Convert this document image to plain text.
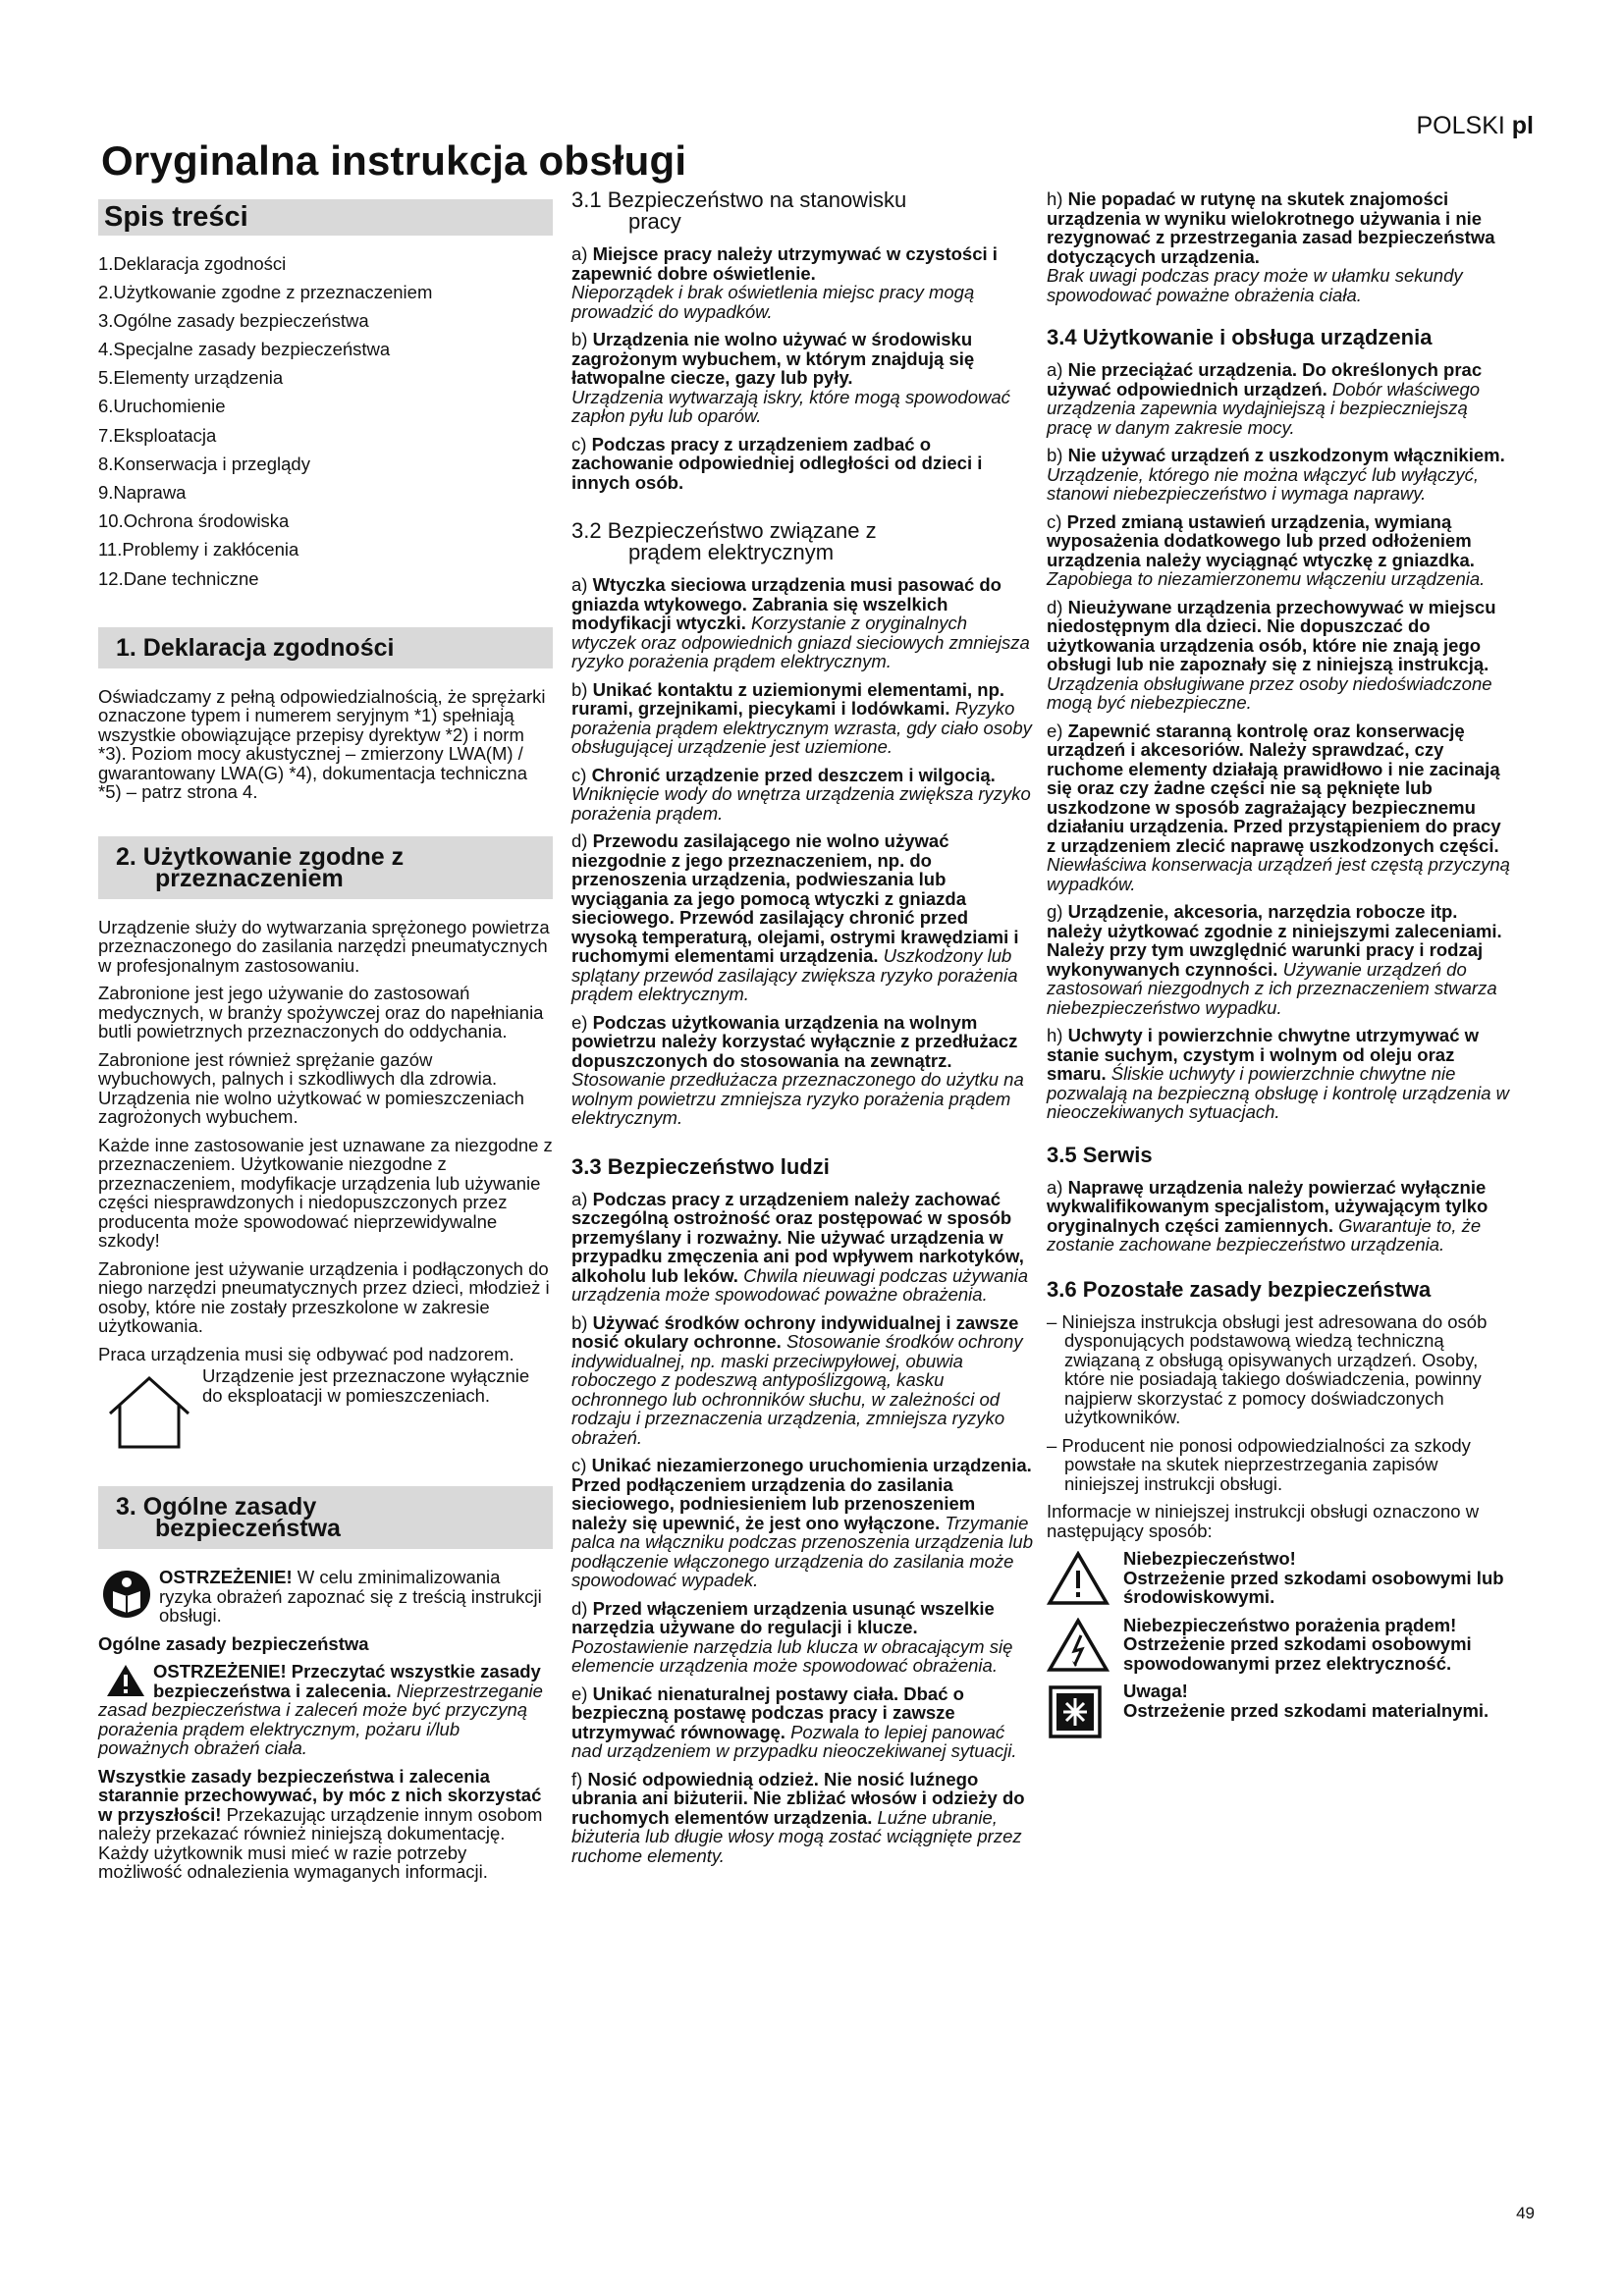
POLSKI pl
Oryginalna instrukcja obsługi
Spis treści
1.Deklaracja zgodności
2.Użytkowanie zgodne z przeznaczeniem
3.Ogólne zasady bezpieczeństwa
4.Specjalne zasady bezpieczeństwa
5.Elementy urządzenia
6.Uruchomienie
7.Eksploatacja
8.Konserwacja i przeglądy
9.Naprawa
10.Ochrona środowiska
11.Problemy i zakłócenia
12.Dane techniczne
1. Deklaracja zgodności

Oświadczamy z pełną odpowiedzialnością, że sprężarki oznaczone typem i numerem seryjnym *1) spełniają wszystkie obowiązujące przepisy dyrektyw *2) i norm *3). Poziom mocy akustycznej – zmierzony LWA(M) / gwarantowany LWA(G) *4), dokumentacja techniczna *5) – patrz strona 4.

2. Użytkowanie zgodne z
przeznaczeniem

Urządzenie służy do wytwarzania sprężonego powietrza przeznaczonego do zasilania narzędzi pneumatycznych w profesjonalnym zastosowaniu.

Zabronione jest jego używanie do zastosowań medycznych, w branży spożywczej oraz do napełniania butli powietrznych przeznaczonych do oddychania.

Zabronione jest również sprężanie gazów wybuchowych, palnych i szkodliwych dla zdrowia. Urządzenia nie wolno użytkować w pomieszczeniach zagrożonych wybuchem.

Każde inne zastosowanie jest uznawane za niezgodne z przeznaczeniem. Użytkowanie niezgodne z przeznaczeniem, modyfikacje urządzenia lub używanie części niesprawdzonych i niedopuszczonych przez producenta może spowodować nieprzewidywalne szkody!

Zabronione jest używanie urządzenia i podłączonych do niego narzędzi pneumatycznych przez dzieci, młodzież i osoby, które nie zostały przeszkolone w zakresie użytkowania.

Praca urządzenia musi się odbywać pod nadzorem.

Urządzenie jest przeznaczone wyłącznie do eksploatacji w pomieszczeniach.
3. Ogólne zasady
bezpieczeństwa

OSTRZEŻENIE! W celu zminimalizowania ryzyka obrażeń zapoznać się z treścią instrukcji obsługi.

Ogólne zasady bezpieczeństwa

OSTRZEŻENIE! Przeczytać wszystkie zasady bezpieczeństwa i zalecenia. Nieprzestrzeganie zasad bezpieczeństwa i zaleceń może być przyczyną porażenia prądem elektrycznym, pożaru i/lub poważnych obrażeń ciała.

Wszystkie zasady bezpieczeństwa i zalecenia starannie przechowywać, by móc z nich skorzystać w przyszłości! Przekazując urządzenie innym osobom należy przekazać również niniejszą dokumentację. Każdy użytkownik musi mieć w razie potrzeby możliwość odnalezienia wymaganych informacji.

3.1 Bezpieczeństwo na stanowisku
pracy

a) Miejsce pracy należy utrzymywać w czystości i zapewnić dobre oświetlenie.
Nieporządek i brak oświetlenia miejsc pracy mogą prowadzić do wypadków.

b) Urządzenia nie wolno używać w środowisku zagrożonym wybuchem, w którym znajdują się łatwopalne ciecze, gazy lub pyły.
Urządzenia wytwarzają iskry, które mogą spowodować zapłon pyłu lub oparów.

c) Podczas pracy z urządzeniem zadbać o zachowanie odpowiedniej odległości od dzieci i innych osób.

3.2 Bezpieczeństwo związane z
prądem elektrycznym

a) Wtyczka sieciowa urządzenia musi pasować do gniazda wtykowego. Zabrania się wszelkich modyfikacji wtyczki. Korzystanie z oryginalnych wtyczek oraz odpowiednich gniazd sieciowych zmniejsza ryzyko porażenia prądem elektrycznym.

b) Unikać kontaktu z uziemionymi elementami, np. rurami, grzejnikami, piecykami i lodówkami. Ryzyko porażenia prądem elektrycznym wzrasta, gdy ciało osoby obsługującej urządzenie jest uziemione.

c) Chronić urządzenie przed deszczem i wilgocią. Wniknięcie wody do wnętrza urządzenia zwiększa ryzyko porażenia prądem.

d) Przewodu zasilającego nie wolno używać niezgodnie z jego przeznaczeniem, np. do przenoszenia urządzenia, podwieszania lub wyciągania za jego pomocą wtyczki z gniazda sieciowego. Przewód zasilający chronić przed wysoką temperaturą, olejami, ostrymi krawędziami i ruchomymi elementami urządzenia. Uszkodzony lub splątany przewód zasilający zwiększa ryzyko porażenia prądem elektrycznym.

e) Podczas użytkowania urządzenia na wolnym powietrzu należy korzystać wyłącznie z przedłużacz dopuszczonych do stosowania na zewnątrz. Stosowanie przedłużacza przeznaczonego do użytku na wolnym powietrzu zmniejsza ryzyko porażenia prądem elektrycznym.

3.3 Bezpieczeństwo ludzi

a) Podczas pracy z urządzeniem należy zachować szczególną ostrożność oraz postępować w sposób przemyślany i rozważny. Nie używać urządzenia w przypadku zmęczenia ani pod wpływem narkotyków, alkoholu lub leków. Chwila nieuwagi podczas używania urządzenia może spowodować poważne obrażenia.

b) Używać środków ochrony indywidualnej i zawsze nosić okulary ochronne. Stosowanie środków ochrony indywidualnej, np. maski przeciwpyłowej, obuwia roboczego z podeszwą antypoślizgową, kasku ochronnego lub ochronników słuchu, w zależności od rodzaju i przeznaczenia urządzenia, zmniejsza ryzyko obrażeń.

c) Unikać niezamierzonego uruchomienia urządzenia. Przed podłączeniem urządzenia do zasilania sieciowego, podniesieniem lub przenoszeniem należy się upewnić, że jest ono wyłączone. Trzymanie palca na włączniku podczas przenoszenia urządzenia lub podłączenie włączonego urządzenia do zasilania może spowodować wypadek.

d) Przed włączeniem urządzenia usunąć wszelkie narzędzia używane do regulacji i klucze. Pozostawienie narzędzia lub klucza w obracającym się elemencie urządzenia może spowodować obrażenia.

e) Unikać nienaturalnej postawy ciała. Dbać o bezpieczną postawę podczas pracy i zawsze utrzymywać równowagę. Pozwala to lepiej panować nad urządzeniem w przypadku nieoczekiwanej sytuacji.

f) Nosić odpowiednią odzież. Nie nosić luźnego ubrania ani biżuterii. Nie zbliżać włosów i odzieży do ruchomych elementów urządzenia. Luźne ubranie, biżuteria lub długie włosy mogą zostać wciągnięte przez ruchome elementy.

h) Nie popadać w rutynę na skutek znajomości urządzenia w wyniku wielokrotnego używania i nie rezygnować z przestrzegania zasad bezpieczeństwa dotyczących urządzenia.
Brak uwagi podczas pracy może w ułamku sekundy spowodować poważne obrażenia ciała.

3.4 Użytkowanie i obsługa urządzenia

a) Nie przeciążać urządzenia. Do określonych prac używać odpowiednich urządzeń. Dobór właściwego urządzenia zapewnia wydajniejszą i bezpieczniejszą pracę w danym zakresie mocy.

b) Nie używać urządzeń z uszkodzonym włącznikiem. Urządzenie, którego nie można włączyć lub wyłączyć, stanowi niebezpieczeństwo i wymaga naprawy.

c) Przed zmianą ustawień urządzenia, wymianą wyposażenia dodatkowego lub przed odłożeniem urządzenia należy wyciągnąć wtyczkę z gniazdka. Zapobiega to niezamierzonemu włączeniu urządzenia.

d) Nieużywane urządzenia przechowywać w miejscu niedostępnym dla dzieci. Nie dopuszczać do użytkowania urządzenia osób, które nie znają jego obsługi lub nie zapoznały się z niniejszą instrukcją. Urządzenia obsługiwane przez osoby niedoświadczone mogą być niebezpieczne.

e) Zapewnić staranną kontrolę oraz konserwację urządzeń i akcesoriów. Należy sprawdzać, czy ruchome elementy działają prawidłowo i nie zacinają się oraz czy żadne części nie są pęknięte lub uszkodzone w sposób zagrażający bezpiecznemu działaniu urządzenia. Przed przystąpieniem do pracy z urządzeniem zlecić naprawę uszkodzonych części. Niewłaściwa konserwacja urządzeń jest częstą przyczyną wypadków.

g) Urządzenie, akcesoria, narzędzia robocze itp. należy użytkować zgodnie z niniejszymi zaleceniami. Należy przy tym uwzględnić warunki pracy i rodzaj wykonywanych czynności. Używanie urządzeń do zastosowań niezgodnych z ich przeznaczeniem stwarza niebezpieczeństwo wypadku.

h) Uchwyty i powierzchnie chwytne utrzymywać w stanie suchym, czystym i wolnym od oleju oraz smaru. Śliskie uchwyty i powierzchnie chwytne nie pozwalają na bezpieczną obsługę i kontrolę urządzenia w nieoczekiwanych sytuacjach.

3.5 Serwis

a) Naprawę urządzenia należy powierzać wyłącznie wykwalifikowanym specjalistom, używającym tylko oryginalnych części zamiennych. Gwarantuje to, że zostanie zachowane bezpieczeństwo urządzenia.

3.6 Pozostałe zasady bezpieczeństwa

– Niniejsza instrukcja obsługi jest adresowana do osób dysponujących podstawową wiedzą techniczną związaną z obsługą opisywanych urządzeń. Osoby, które nie posiadają takiego doświadczenia, powinny najpierw skorzystać z pomocy doświadczonych użytkowników.

– Producent nie ponosi odpowiedzialności za szkody powstałe na skutek nieprzestrzegania zapisów niniejszej instrukcji obsługi.

Informacje w niniejszej instrukcji obsługi oznaczono w następujący sposób:

Niebezpieczeństwo!
Ostrzeżenie przed szkodami osobowymi lub środowiskowymi.

Niebezpieczeństwo porażenia prądem!
Ostrzeżenie przed szkodami osobowymi spowodowanymi przez elektryczność.

Uwaga!
Ostrzeżenie przed szkodami materialnymi.

49
